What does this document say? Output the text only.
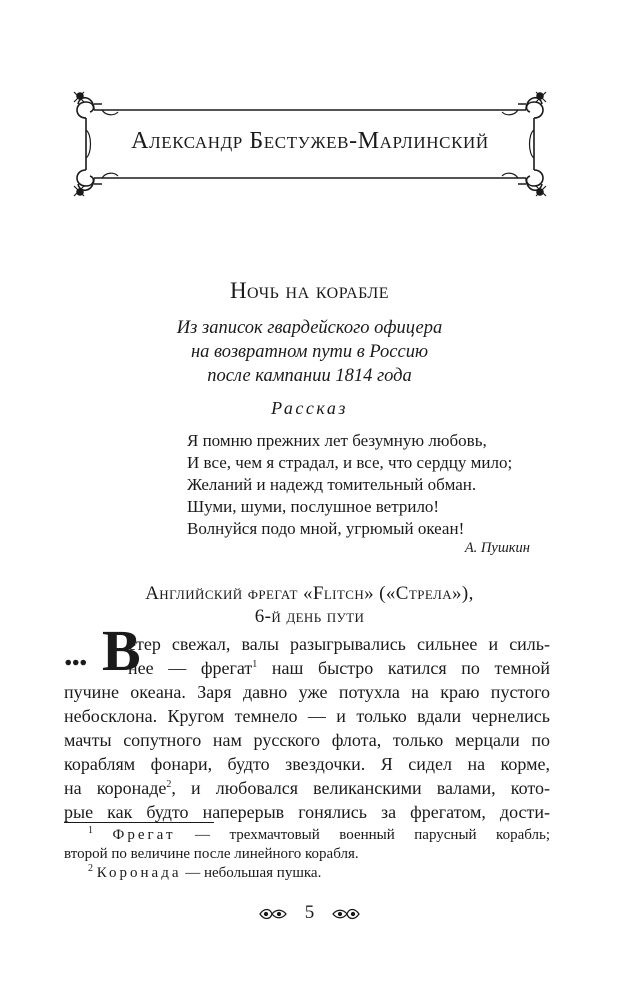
Александр Бестужев-Марлинский
Ночь на корабле
Из записок гвардейского офицера
на возвратном пути в Россию
после кампании 1814 года
Рассказ
Я помню прежних лет безумную любовь,
И все, чем я страдал, и все, что сердцу мило;
Желаний и надежд томительный обман.
Шуми, шуми, послушное ветрило!
Волнуйся подо мной, угрюмый океан!
А. Пушкин
Английский фрегат «Flitch» («Стрела»),
6-й день пути
... В
етер свежал, валы разыгрывались сильнее и силь-
нее — фрегат$^1$ наш быстро катился по темной
пучине океана. Заря давно уже потухла на краю пустого
небосклона. Кругом темнело — и только вдали чернелись
мачты сопутного нам русского флота, только мерцали по
кораблям фонари, будто звездочки. Я сидел на корме,
на коронаде$^2$, и любовался великанскими валами, кото-
рые как будто наперерыв гонялись за фрегатом, дости-
$^1$ Фрегат — трехмачтовый военный парусный корабль;
второй по величине после линейного корабля.
$^2$ Коронада — небольшая пушка.
5
